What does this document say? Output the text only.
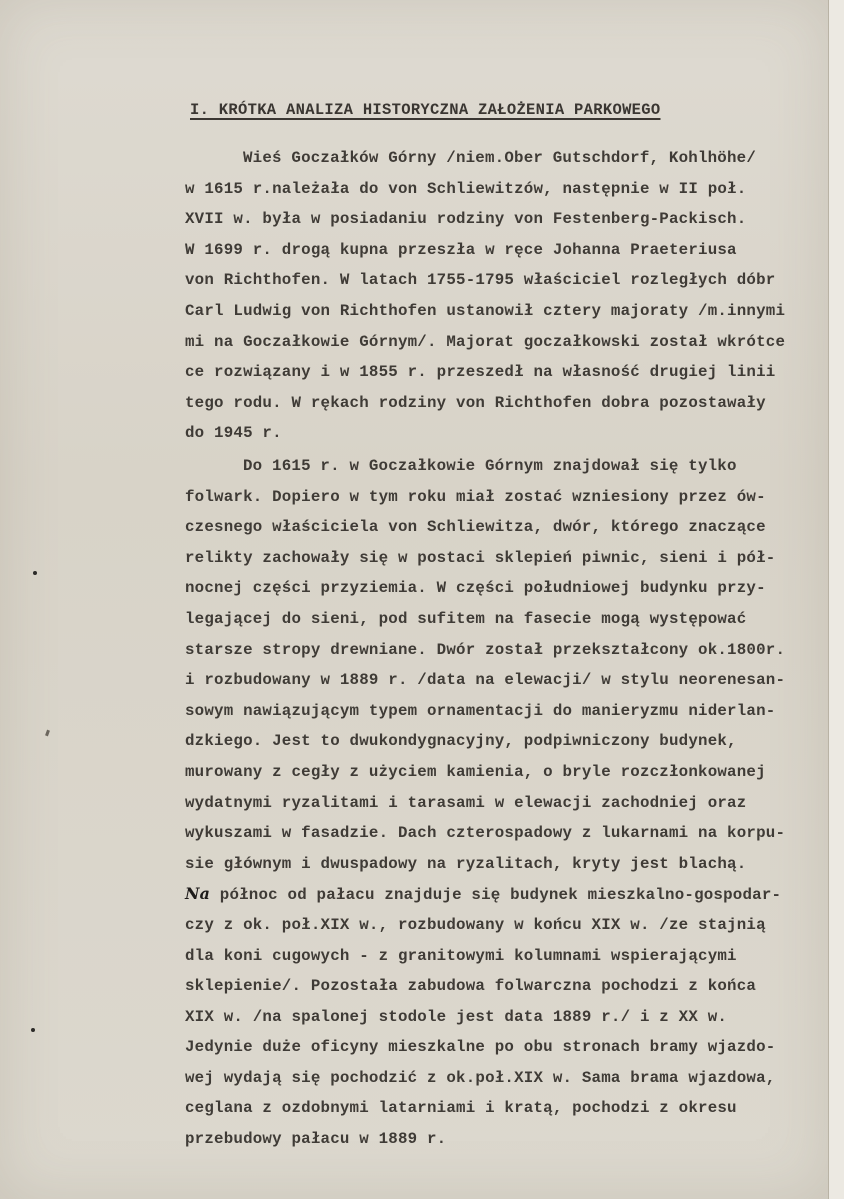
I. KRÓTKA ANALIZA HISTORYCZNA ZAŁOŻENIA PARKOWEGO
Wieś Goczałków Górny /niem.Ober Gutschdorf, Kohlhöhe/
w 1615 r.należała do von Schliewitzów, następnie w II poł.
XVII w. była w posiadaniu rodziny von Festenberg-Packisch.
W 1699 r. drogą kupna przeszła w ręce Johanna Praeteriusa
von Richthofen. W latach 1755-1795 właściciel rozległych dóbr
Carl Ludwig von Richthofen ustanowił cztery majoraty /m.innymi
mi na Goczałkowie Górnym/. Majorat goczałkowski został wkrótce
ce rozwiązany i w 1855 r. przeszedł na własność drugiej linii
tego rodu. W rękach rodziny von Richthofen dobra pozostawały
do 1945 r.
Do 1615 r. w Goczałkowie Górnym znajdował się tylko
folwark. Dopiero w tym roku miał zostać wzniesiony przez ów-
czesnego właściciela von Schliewitza, dwór, którego znaczące
relikty zachowały się w postaci sklepień piwnic, sieni i pół-
nocnej części przyziemia. W części południowej budynku przy-
legającej do sieni, pod sufitem na fasecie mogą występować
starsze stropy drewniane. Dwór został przekształcony ok.1800r.
i rozbudowany w 1889 r. /data na elewacji/ w stylu neorenesan-
sowym nawiązującym typem ornamentacji do manieryzmu niderlan-
dzkiego. Jest to dwukondygnacyjny, podpiwniczony budynek,
murowany z cegły z użyciem kamienia, o bryle rozczłonkowanej
wydatnymi ryzalitami i tarasami w elewacji zachodniej oraz
wykuszami w fasadzie. Dach czterospadowy z lukarnami na korpu-
sie głównym i dwuspadowy na ryzalitach, kryty jest blachą.
Na północ od pałacu znajduje się budynek mieszkalno-gospodar-
czy z ok. poł.XIX w., rozbudowany w końcu XIX w. /ze stajnią
dla koni cugowych - z granitowymi kolumnami wspierającymi
sklepienie/. Pozostała zabudowa folwarczna pochodzi z końca
XIX w. /na spalonej stodole jest data 1889 r./ i z XX w.
Jedynie duże oficyny mieszkalne po obu stronach bramy wjazdo-
wej wydają się pochodzić z ok.poł.XIX w. Sama brama wjazdowa,
ceglana z ozdobnymi latarniami i kratą, pochodzi z okresu
przebudowy pałacu w 1889 r.
